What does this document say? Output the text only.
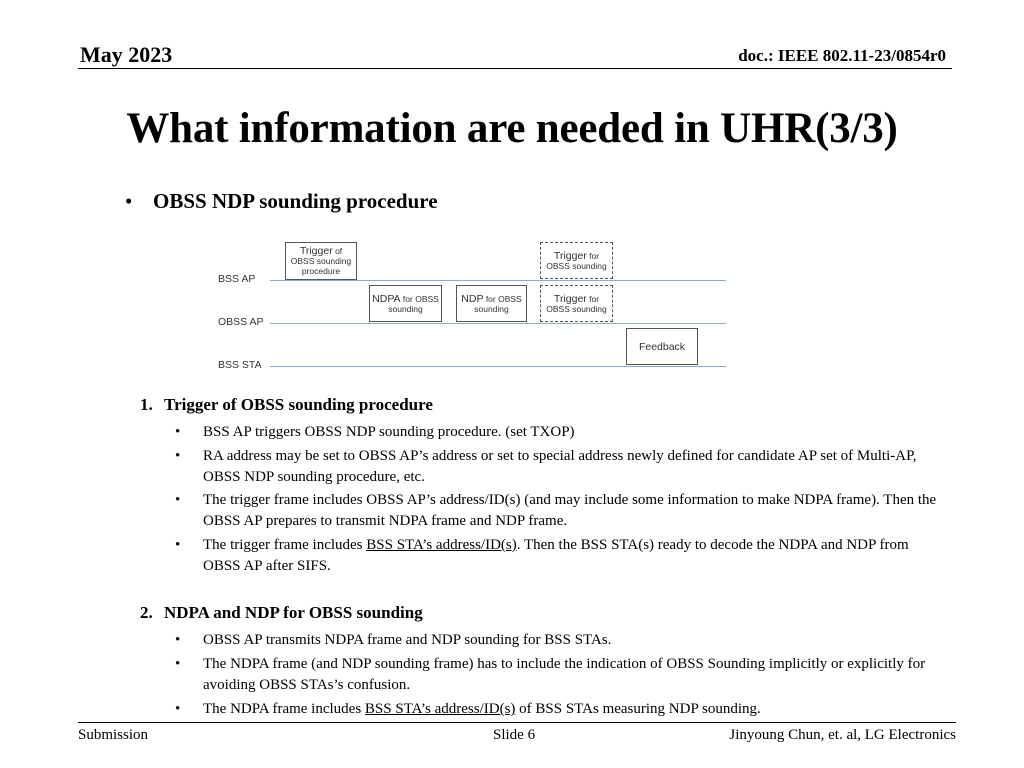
May 2023	doc.: IEEE 802.11-23/0854r0
What information are needed in UHR(3/3)
• OBSS NDP sounding procedure
BSS AP
OBSS AP
BSS STA
Trigger of
OBSS sounding
procedure
Trigger for
OBSS sounding
NDPA for OBSS
sounding
NDP for OBSS
sounding
Trigger for
OBSS sounding
Feedback
1. Trigger of OBSS sounding procedure
• BSS AP triggers OBSS NDP sounding procedure. (set TXOP)
• RA address may be set to OBSS AP’s address or set to special address newly defined for candidate AP set of Multi-AP, OBSS NDP sounding procedure, etc.
• The trigger frame includes OBSS AP’s address/ID(s) (and may include some information to make NDPA frame). Then the OBSS AP prepares to transmit NDPA frame and NDP frame.
• The trigger frame includes BSS STA’s address/ID(s). Then the BSS STA(s) ready to decode the NDPA and NDP from OBSS AP after SIFS.
2. NDPA and NDP for OBSS sounding
• OBSS AP transmits NDPA frame and NDP sounding for BSS STAs.
• The NDPA frame (and NDP sounding frame) has to include the indication of OBSS Sounding implicitly or explicitly for avoiding OBSS STAs’s confusion.
• The NDPA frame includes BSS STA’s address/ID(s) of BSS STAs measuring NDP sounding.
Submission	Slide 6	Jinyoung Chun, et. al, LG Electronics
